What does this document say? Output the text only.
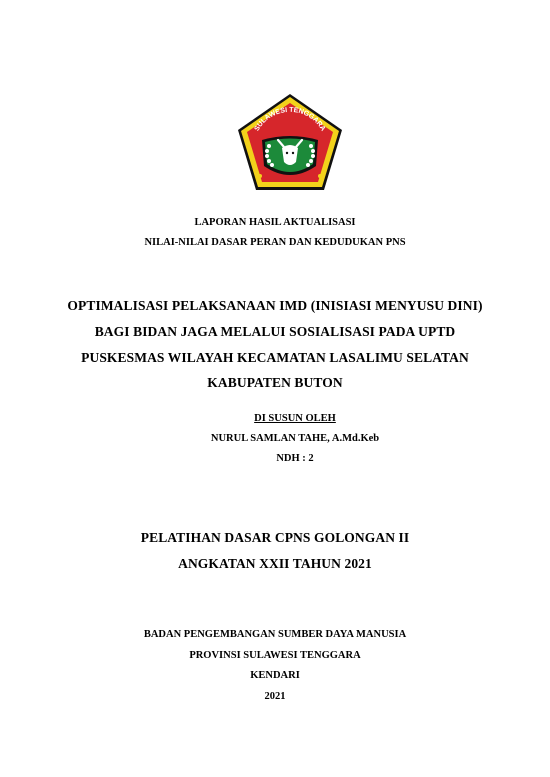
SULAWESI TENGGARA
LAPORAN HASIL AKTUALISASI
NILAI-NILAI DASAR PERAN DAN KEDUDUKAN PNS
OPTIMALISASI PELAKSANAAN IMD (INISIASI MENYUSU DINI)
BAGI BIDAN JAGA MELALUI SOSIALISASI PADA UPTD
PUSKESMAS WILAYAH KECAMATAN LASALIMU SELATAN
KABUPATEN BUTON
DI SUSUN OLEH
NURUL SAMLAN TAHE, A.Md.Keb
NDH : 2
PELATIHAN DASAR CPNS GOLONGAN II
ANGKATAN XXII TAHUN 2021
BADAN PENGEMBANGAN SUMBER DAYA MANUSIA
PROVINSI SULAWESI TENGGARA
KENDARI
2021
